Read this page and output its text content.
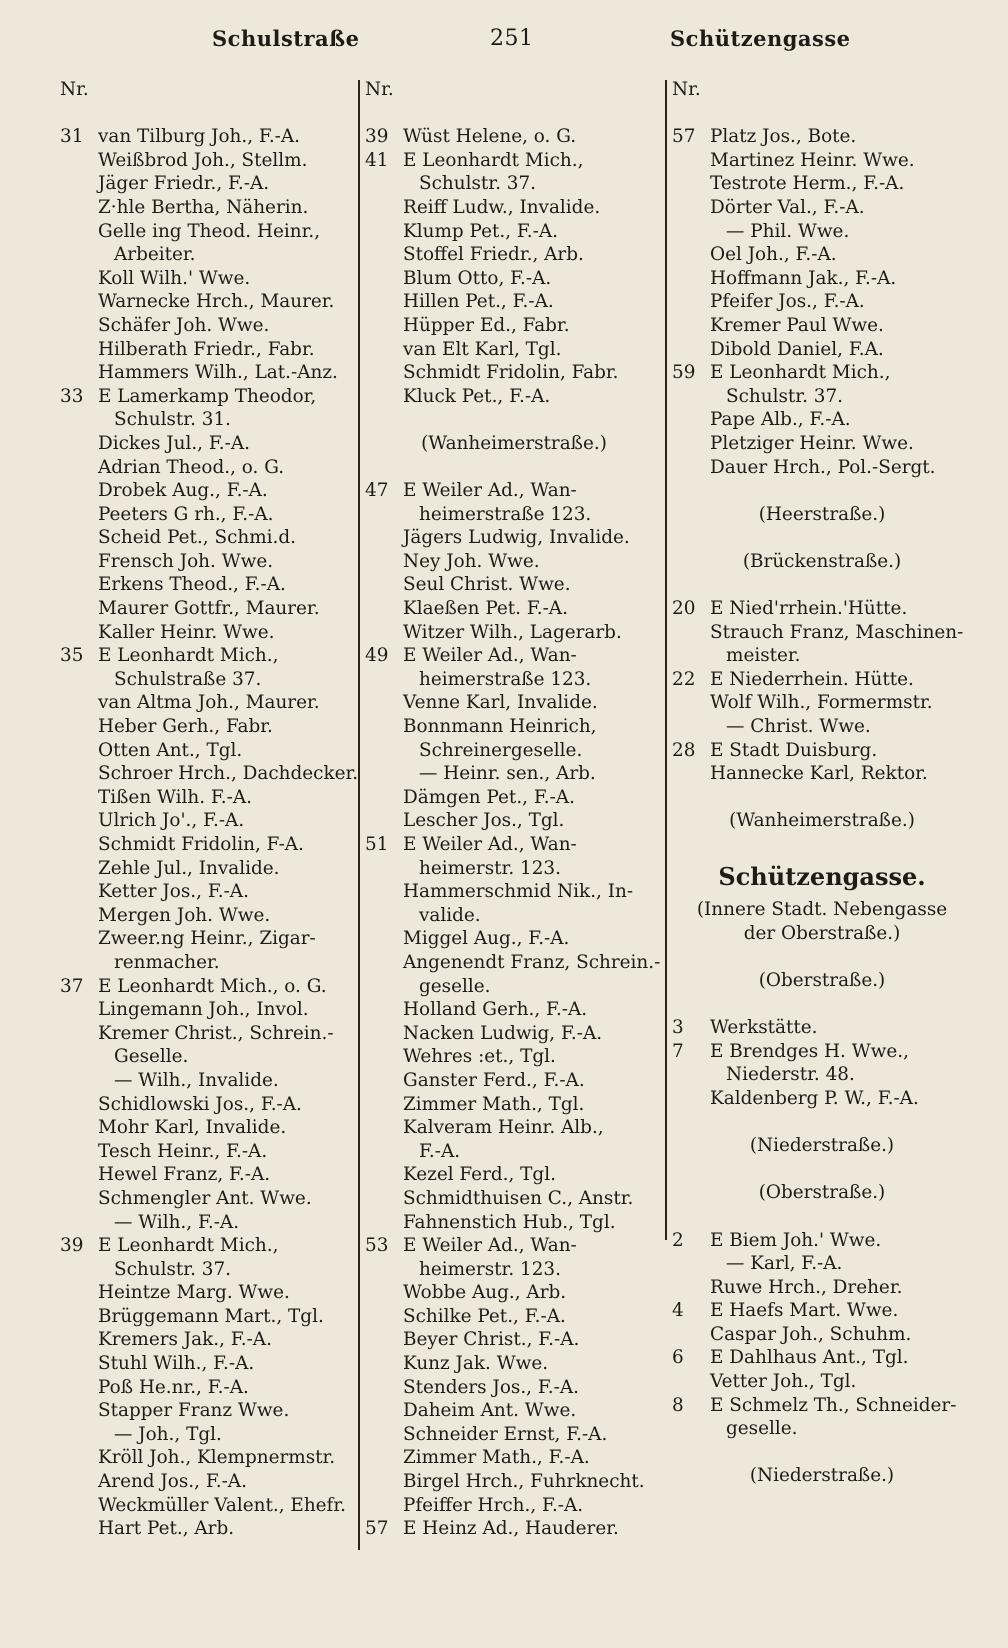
Schulstraße	251	Schützengasse
Nr.
31 van Tilburg Joh., F.-A.
Weißbrod Joh., Stellm.
Jäger Friedr., F.-A.
Z·hle Bertha, Näherin.
Gelle ing Theod. Heinr.,
Arbeiter.
Koll Wilh.' Wwe.
Warnecke Hrch., Maurer.
Schäfer Joh. Wwe.
Hilberath Friedr., Fabr.
Hammers Wilh., Lat.-Anz.
33 E Lamerkamp Theodor,
Schulstr. 31.
Dickes Jul., F.-A.
Adrian Theod., o. G.
Drobek Aug., F.-A.
Peeters G rh., F.-A.
Scheid Pet., Schmi.d.
Frensch Joh. Wwe.
Erkens Theod., F.-A.
Maurer Gottfr., Maurer.
Kaller Heinr. Wwe.
35 E Leonhardt Mich.,
Schulstraße 37.
van Altma Joh., Maurer.
Heber Gerh., Fabr.
Otten Ant., Tgl.
Schroer Hrch., Dachdecker.
Tißen Wilh. F.-A.
Ulrich Jo'., F.-A.
Schmidt Fridolin, F-A.
Zehle Jul., Invalide.
Ketter Jos., F.-A.
Mergen Joh. Wwe.
Zweer.ng Heinr., Zigar-
renmacher.
37 E Leonhardt Mich., o. G.
Lingemann Joh., Invol.
Kremer Christ., Schrein.-
Geselle.
— Wilh., Invalide.
Schidlowski Jos., F.-A.
Mohr Karl, Invalide.
Tesch Heinr., F.-A.
Hewel Franz, F.-A.
Schmengler Ant. Wwe.
— Wilh., F.-A.
39 E Leonhardt Mich.,
Schulstr. 37.
Heintze Marg. Wwe.
Brüggemann Mart., Tgl.
Kremers Jak., F.-A.
Stuhl Wilh., F.-A.
Poß He.nr., F.-A.
Stapper Franz Wwe.
— Joh., Tgl.
Kröll Joh., Klempnermstr.
Arend Jos., F.-A.
Weckmüller Valent., Ehefr.
Hart Pet., Arb.
Nr.
39 Wüst Helene, o. G.
41 E Leonhardt Mich.,
Schulstr. 37.
Reiff Ludw., Invalide.
Klump Pet., F.-A.
Stoffel Friedr., Arb.
Blum Otto, F.-A.
Hillen Pet., F.-A.
Hüpper Ed., Fabr.
van Elt Karl, Tgl.
Schmidt Fridolin, Fabr.
Kluck Pet., F.-A.
(Wanheimerstraße.)
47 E Weiler Ad., Wan-
heimerstraße 123.
Jägers Ludwig, Invalide.
Ney Joh. Wwe.
Seul Christ. Wwe.
Klaeßen Pet. F.-A.
Witzer Wilh., Lagerarb.
49 E Weiler Ad., Wan-
heimerstraße 123.
Venne Karl, Invalide.
Bonnmann Heinrich,
Schreinergeselle.
— Heinr. sen., Arb.
Dämgen Pet., F.-A.
Lescher Jos., Tgl.
51 E Weiler Ad., Wan-
heimerstr. 123.
Hammerschmid Nik., In-
valide.
Miggel Aug., F.-A.
Angenendt Franz, Schrein.-
geselle.
Holland Gerh., F.-A.
Nacken Ludwig, F.-A.
Wehres :et., Tgl.
Ganster Ferd., F.-A.
Zimmer Math., Tgl.
Kalveram Heinr. Alb.,
F.-A.
Kezel Ferd., Tgl.
Schmidthuisen C., Anstr.
Fahnenstich Hub., Tgl.
53 E Weiler Ad., Wan-
heimerstr. 123.
Wobbe Aug., Arb.
Schilke Pet., F.-A.
Beyer Christ., F.-A.
Kunz Jak. Wwe.
Stenders Jos., F.-A.
Daheim Ant. Wwe.
Schneider Ernst, F.-A.
Zimmer Math., F.-A.
Birgel Hrch., Fuhrknecht.
Pfeiffer Hrch., F.-A.
57 E Heinz Ad., Hauderer.
Nr.
57 Platz Jos., Bote.
Martinez Heinr. Wwe.
Testrote Herm., F.-A.
Dörter Val., F.-A.
— Phil. Wwe.
Oel Joh., F.-A.
Hoffmann Jak., F.-A.
Pfeifer Jos., F.-A.
Kremer Paul Wwe.
Dibold Daniel, F.A.
59 E Leonhardt Mich.,
Schulstr. 37.
Pape Alb., F.-A.
Pletziger Heinr. Wwe.
Dauer Hrch., Pol.-Sergt.
(Heerstraße.)
(Brückenstraße.)
20 E Nied'rrhein.'Hütte.
Strauch Franz, Maschinen-
meister.
22 E Niederrhein. Hütte.
Wolf Wilh., Formermstr.
— Christ. Wwe.
28 E Stadt Duisburg.
Hannecke Karl, Rektor.
(Wanheimerstraße.)
Schützengasse.
(Innere Stadt. Nebengasse
der Oberstraße.)
(Oberstraße.)
3 Werkstätte.
7 E Brendges H. Wwe.,
Niederstr. 48.
Kaldenberg P. W., F.-A.
(Niederstraße.)
(Oberstraße.)
2 E Biem Joh.' Wwe.
— Karl, F.-A.
Ruwe Hrch., Dreher.
4 E Haefs Mart. Wwe.
Caspar Joh., Schuhm.
6 E Dahlhaus Ant., Tgl.
Vetter Joh., Tgl.
8 E Schmelz Th., Schneider-
geselle.
(Niederstraße.)
